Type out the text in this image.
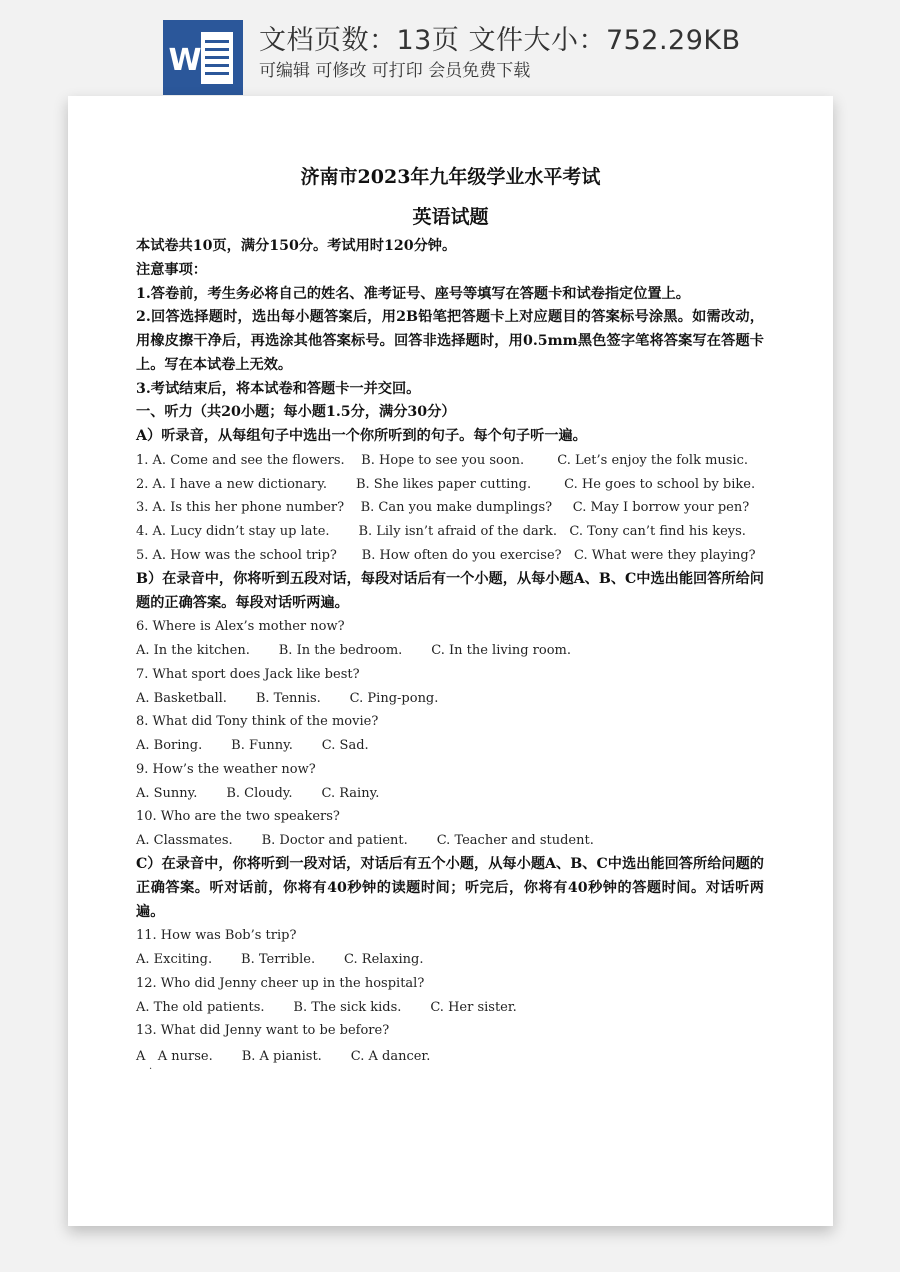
W
文档页数：13页 文件大小：752.29KB
可编辑 可修改 可打印 会员免费下载

济南市2023年九年级学业水平考试

英语试题

本试卷共10页，满分150分。考试用时120分钟。

注意事项：

1.答卷前，考生务必将自己的姓名、准考证号、座号等填写在答题卡和试卷指定位置上。

2.回答选择题时，选出每小题答案后，用2B铅笔把答题卡上对应题目的答案标号涂黑。如需改动，用橡皮擦干净后，再选涂其他答案标号。回答非选择题时，用0.5mm黑色签字笔将答案写在答题卡上。写在本试卷上无效。

3.考试结束后，将本试卷和答题卡一并交回。

一、听力（共20小题；每小题1.5分，满分30分）

A）听录音，从每组句子中选出一个你所听到的句子。每个句子听一遍。

1. A. Come and see the flowers.    B. Hope to see you soon.        C. Let’s enjoy the folk music.

2. A. I have a new dictionary.       B. She likes paper cutting.        C. He goes to school by bike.

3. A. Is this her phone number?    B. Can you make dumplings?     C. May I borrow your pen?

4. A. Lucy didn’t stay up late.       B. Lily isn’t afraid of the dark.   C. Tony can’t find his keys.

5. A. How was the school trip?      B. How often do you exercise?   C. What were they playing?

B）在录音中，你将听到五段对话，每段对话后有一个小题，从每小题A、B、C中选出能回答所给问题的正确答案。每段对话听两遍。

6. Where is Alex’s mother now?

A. In the kitchen.       B. In the bedroom.       C. In the living room.

7. What sport does Jack like best?

A. Basketball.       B. Tennis.       C. Ping-pong.

8. What did Tony think of the movie?

A. Boring.       B. Funny.       C. Sad.

9. How’s the weather now?

A. Sunny.       B. Cloudy.       C. Rainy.

10. Who are the two speakers?

A. Classmates.       B. Doctor and patient.       C. Teacher and student.

C）在录音中，你将听到一段对话，对话后有五个小题，从每小题A、B、C中选出能回答所给问题的正确答案。听对话前，你将有40秒钟的读题时间；听完后，你将有40秒钟的答题时间。对话听两遍。

11. How was Bob’s trip?

A. Exciting.       B. Terrible.       C. Relaxing.

12. Who did Jenny cheer up in the hospital?

A. The old patients.       B. The sick kids.       C. Her sister.

13. What did Jenny want to be before?

A   A nurse.       B. A pianist.       C. A dancer.

·
